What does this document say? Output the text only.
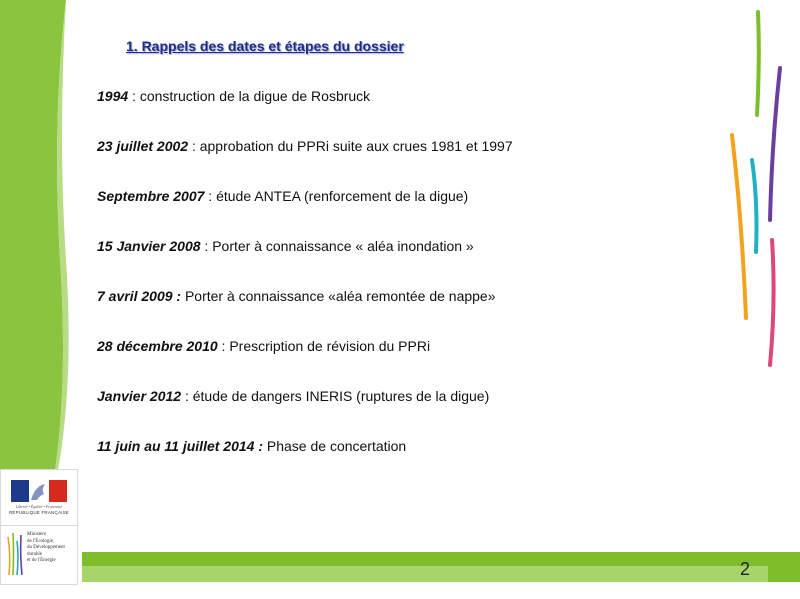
1. Rappels des dates et étapes du dossier
1994 : construction de la digue de Rosbruck
23 juillet 2002 : approbation du PPRi suite aux crues 1981 et 1997
Septembre 2007 : étude ANTEA (renforcement de la digue)
15 Janvier 2008 : Porter à connaissance « aléa inondation »
7 avril 2009 : Porter à connaissance «aléa remontée de nappe»
28 décembre 2010 : Prescription de révision du PPRi
Janvier 2012 : étude de dangers INERIS (ruptures de la digue)
11 juin au 11 juillet 2014 : Phase de concertation
Liberté • Égalité • Fraternité
RÉPUBLIQUE FRANÇAISE
Ministère
de l'Écologie,
du Développement
durable
et de l'Énergie	2
